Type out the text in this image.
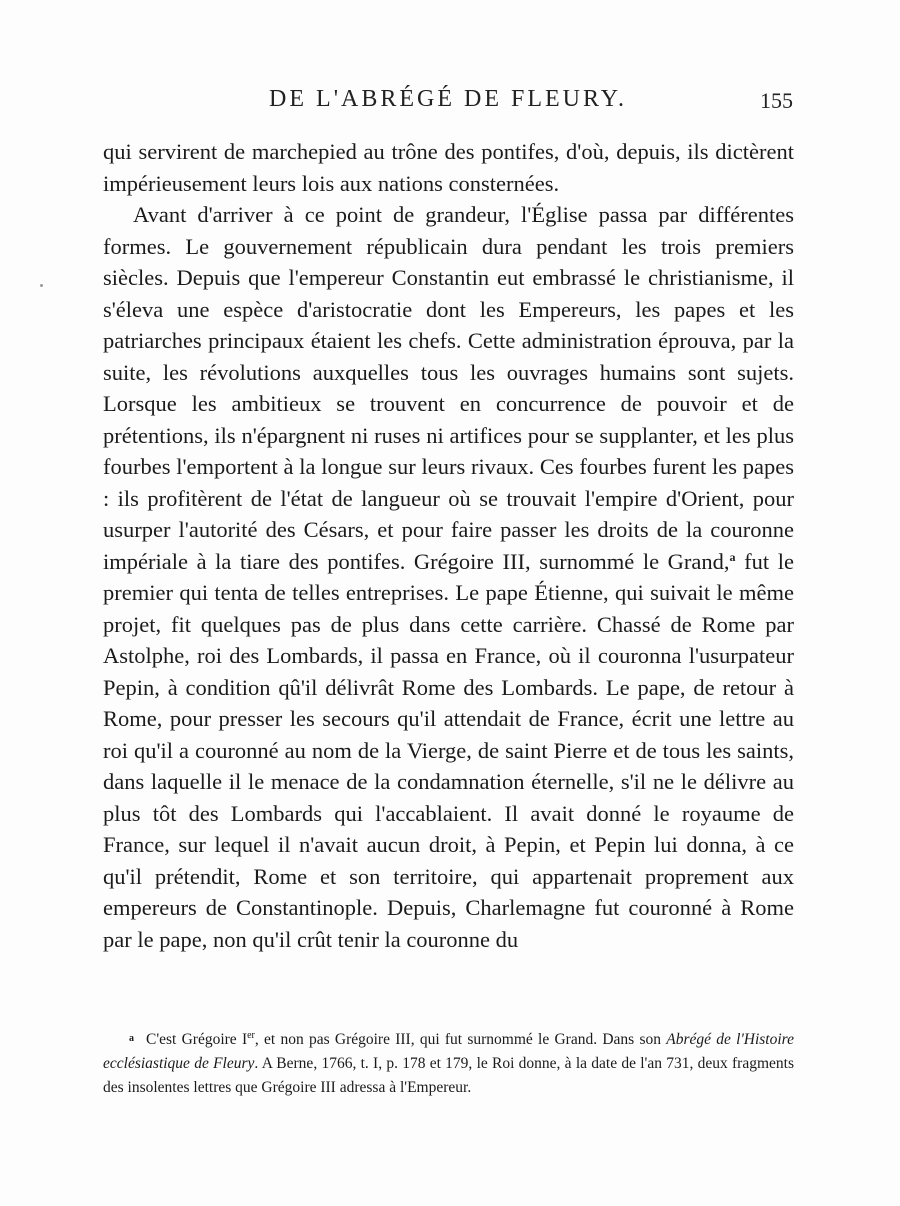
DE L'ABRÉGÉ DE FLEURY.	155

qui servirent de marchepied au trône des pontifes, d'où, depuis, ils dictèrent impérieusement leurs lois aux nations consternées.

Avant d'arriver à ce point de grandeur, l'Église passa par différentes formes. Le gouvernement républicain dura pendant les trois premiers siècles. Depuis que l'empereur Constantin eut embrassé le christianisme, il s'éleva une espèce d'aristocratie dont les Empereurs, les papes et les patriarches principaux étaient les chefs. Cette administration éprouva, par la suite, les révolutions auxquelles tous les ouvrages humains sont sujets. Lorsque les ambitieux se trouvent en concurrence de pouvoir et de prétentions, ils n'épargnent ni ruses ni artifices pour se supplanter, et les plus fourbes l'emportent à la longue sur leurs rivaux. Ces fourbes furent les papes : ils profitèrent de l'état de langueur où se trouvait l'empire d'Orient, pour usurper l'autorité des Césars, et pour faire passer les droits de la couronne impériale à la tiare des pontifes. Grégoire III, surnommé le Grand,$^a$ fut le premier qui tenta de telles entreprises. Le pape Étienne, qui suivait le même projet, fit quelques pas de plus dans cette carrière. Chassé de Rome par Astolphe, roi des Lombards, il passa en France, où il couronna l'usurpateur Pepin, à condition qû'il délivrât Rome des Lombards. Le pape, de retour à Rome, pour presser les secours qu'il attendait de France, écrit une lettre au roi qu'il a couronné au nom de la Vierge, de saint Pierre et de tous les saints, dans laquelle il le menace de la condamnation éternelle, s'il ne le délivre au plus tôt des Lombards qui l'accablaient. Il avait donné le royaume de France, sur lequel il n'avait aucun droit, à Pepin, et Pepin lui donna, à ce qu'il prétendit, Rome et son territoire, qui appartenait proprement aux empereurs de Constantinople. Depuis, Charlemagne fut couronné à Rome par le pape, non qu'il crût tenir la couronne du

a C'est Grégoire Ier, et non pas Grégoire III, qui fut surnommé le Grand. Dans son Abrégé de l'Histoire ecclésiastique de Fleury. A Berne, 1766, t. I, p. 178 et 179, le Roi donne, à la date de l'an 731, deux fragments des insolentes lettres que Grégoire III adressa à l'Empereur.
